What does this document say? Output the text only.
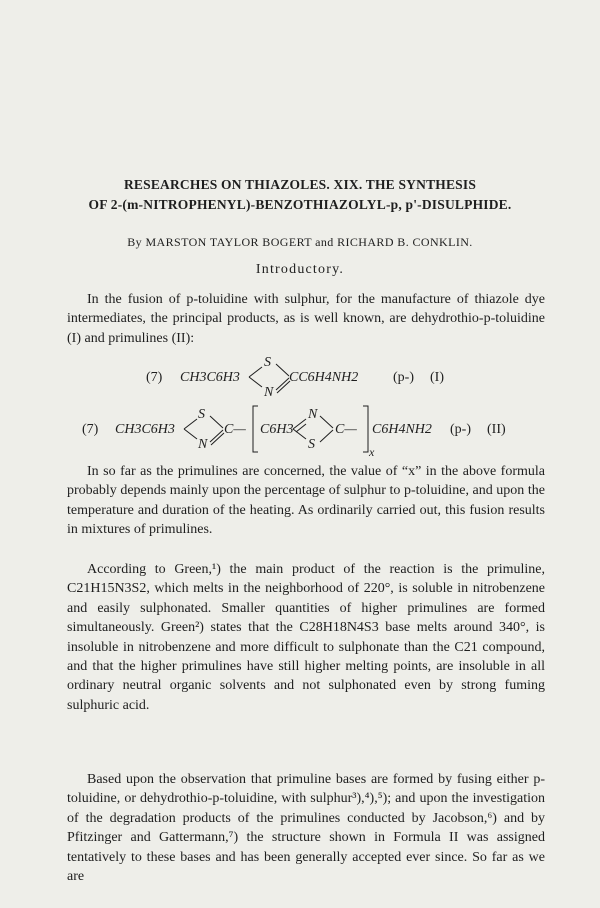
RESEARCHES ON THIAZOLES. XIX. THE SYNTHESIS
OF 2-(m-NITROPHENYL)-BENZOTHIAZOLYL-p, p'-DISULPHIDE.
By MARSTON TAYLOR BOGERT and RICHARD B. CONKLIN.
Introductory.

In the fusion of p-toluidine with sulphur, for the manufacture of thiazole dye intermediates, the principal products, as is well known, are dehydrothio-p-toluidine (I) and primulines (II):

(7) CH3C6H3
S
N
CC6H4NH2 (p-) (I)
(7) CH3C6H3
S
N
C— C6H3
N
S
C—
x
C6H4NH2 (p-) (II)

In so far as the primulines are concerned, the value of “x” in the above formula probably depends mainly upon the percentage of sulphur to p-toluidine, and upon the temperature and duration of the heating. As ordinarily carried out, this fusion results in mixtures of primulines.

According to Green,¹) the main product of the reaction is the primuline, C21H15N3S2, which melts in the neighborhood of 220°, is soluble in nitrobenzene and easily sulphonated. Smaller quantities of higher primulines are formed simultaneously. Green²) states that the C28H18N4S3 base melts around 340°, is insoluble in nitrobenzene and more difficult to sulphonate than the C21 compound, and that the higher primulines have still higher melting points, are insoluble in all ordinary neutral organic solvents and not sulphonated even by strong fuming sulphuric acid.

Based upon the observation that primuline bases are formed by fusing either p-toluidine, or dehydrothio-p-toluidine, with sulphur³),⁴),⁵); and upon the investigation of the degradation products of the primulines conducted by Jacobson,⁶) and by Pfitzinger and Gattermann,⁷) the structure shown in Formula II was assigned tentatively to these bases and has been generally accepted ever since. So far as we are
